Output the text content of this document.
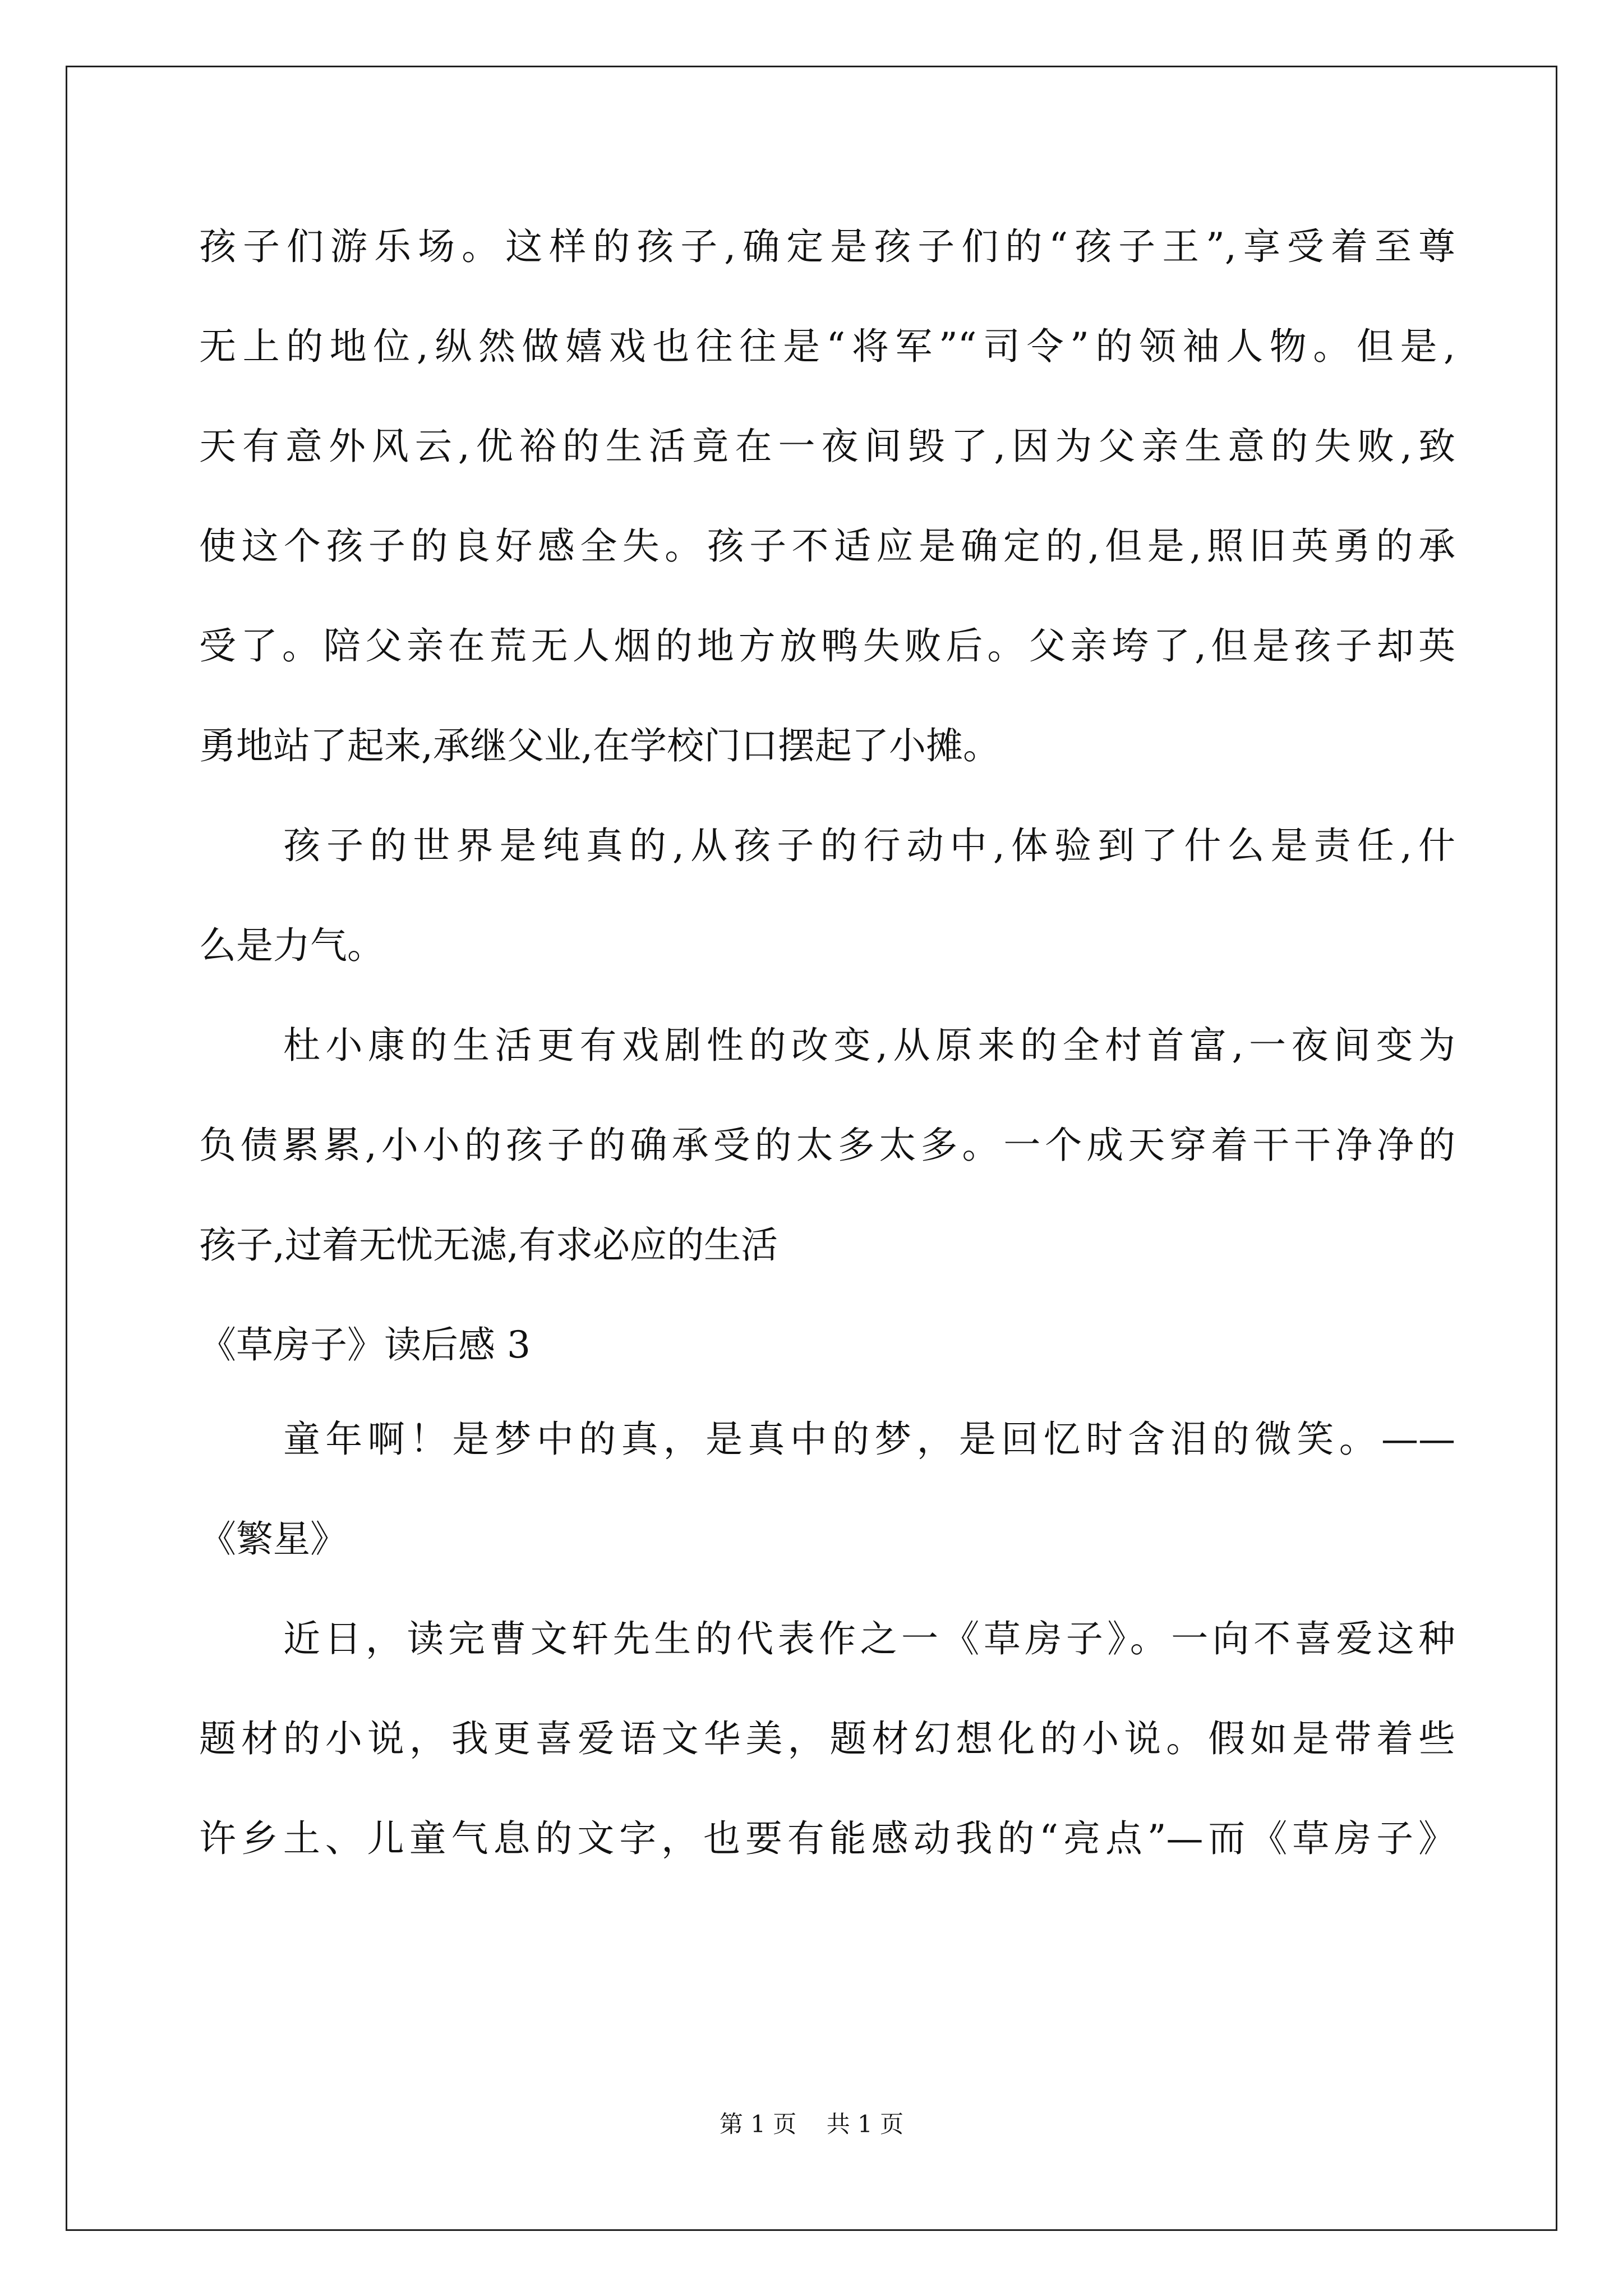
孩子们游乐场。这样的孩子,确定是孩子们的“孩子王”,享受着至尊
无上的地位,纵然做嬉戏也往往是“将军”“司令”的领袖人物。但是,
天有意外风云,优裕的生活竟在一夜间毁了,因为父亲生意的失败,致
使这个孩子的良好感全失。孩子不适应是确定的,但是,照旧英勇的承
受了。陪父亲在荒无人烟的地方放鸭失败后。父亲垮了,但是孩子却英
勇地站了起来,承继父业,在学校门口摆起了小摊。
孩子的世界是纯真的,从孩子的行动中,体验到了什么是责任,什
么是力气。
杜小康的生活更有戏剧性的改变,从原来的全村首富,一夜间变为
负债累累,小小的孩子的确承受的太多太多。一个成天穿着干干净净的
孩子,过着无忧无滤,有求必应的生活
《草房子》读后感 3
童年啊！是梦中的真，是真中的梦，是回忆时含泪的微笑。——
《繁星》
近日，读完曹文轩先生的代表作之一《草房子》。一向不喜爱这种
题材的小说，我更喜爱语文华美，题材幻想化的小说。假如是带着些
许乡土、儿童气息的文字，也要有能感动我的“亮点”—而《草房子》
第 1 页    共 1 页
